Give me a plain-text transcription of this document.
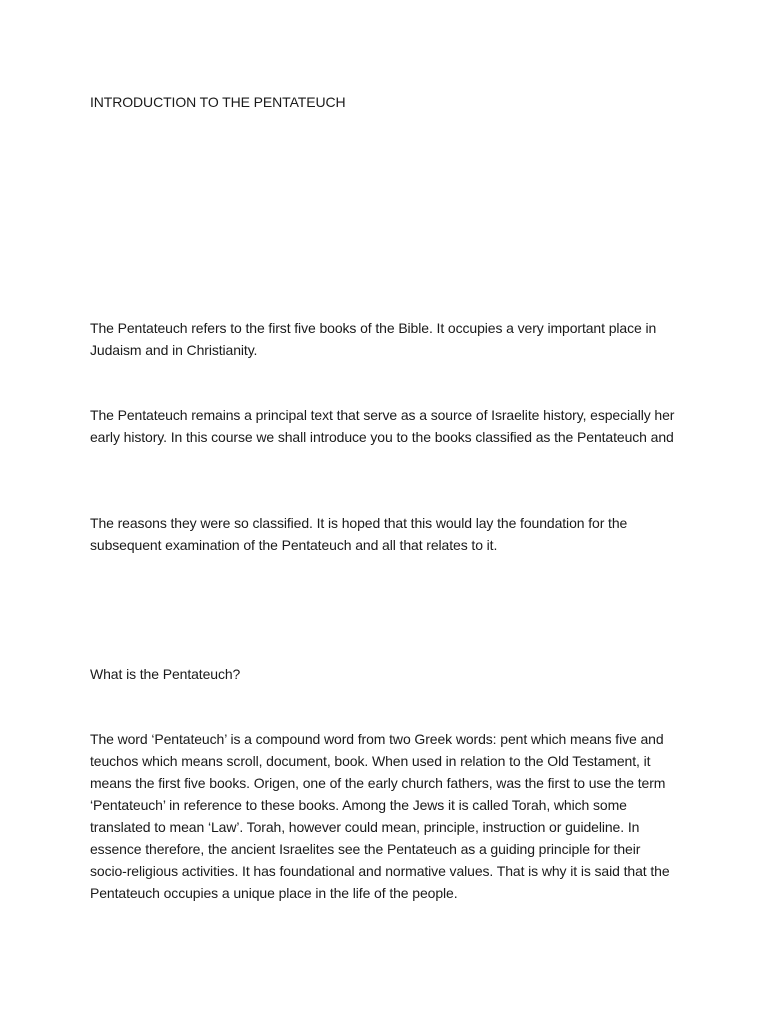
INTRODUCTION TO THE PENTATEUCH

The Pentateuch refers to the first five books of the Bible. It occupies a very important place in Judaism and in Christianity.

The Pentateuch remains a principal text that serve as a source of Israelite history, especially her early history. In this course we shall introduce you to the books classified as the Pentateuch and

The reasons they were so classified. It is hoped that this would lay the foundation for the subsequent examination of the Pentateuch and all that relates to it.

What is the Pentateuch?

The word ‘Pentateuch’ is a compound word from two Greek words: pent which means five and teuchos which means scroll, document, book. When used in relation to the Old Testament, it means the first five books. Origen, one of the early church fathers, was the first to use the term ‘Pentateuch’ in reference to these books. Among the Jews it is called Torah, which some translated to mean ‘Law’. Torah, however could mean, principle, instruction or guideline. In essence therefore, the ancient Israelites see the Pentateuch as a guiding principle for their socio-religious activities. It has foundational and normative values. That is why it is said that the Pentateuch occupies a unique place in the life of the people.
